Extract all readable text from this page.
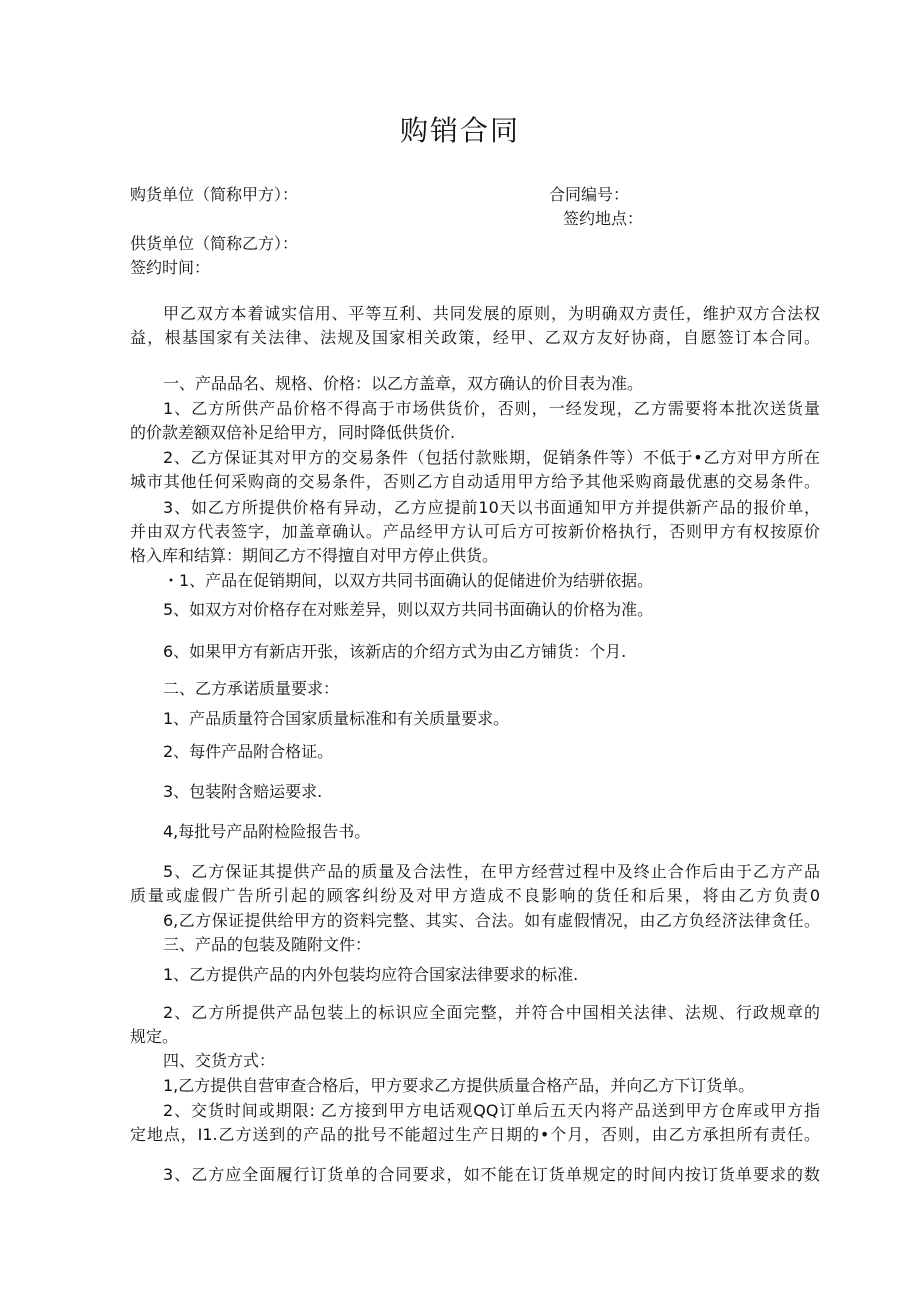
购销合同
购货单位（简称甲方）：	合同编号：
签约地点：
供货单位（简称乙方）：
签约时间：
甲乙双方本着诚实信用、平等互利、共同发展的原则，为明确双方责任，维护双方合法权
益，根基国家有关法律、法规及国家相关政策，经甲、乙双方友好协商，自愿签订本合同。
一、产品品名、规格、价格：以乙方盖章，双方确认的价目表为准。
1、乙方所供产品价格不得高于市场供货价，否则，一经发现，乙方需要将本批次送货量
的价款差额双倍补足给甲方，同时降低供货价.
2、乙方保证其对甲方的交易条件（包括付款账期，促销条件等）不低于•乙方对甲方所在
城市其他任何采购商的交易条件，否则乙方自动适用甲方给予其他采购商最优惠的交易条件。
3、如乙方所提供价格有异动，乙方应提前10天以书面通知甲方并提供新产品的报价单，
并由双方代表签字，加盖章确认。产品经甲方认可后方可按新价格执行，否则甲方有权按原价
格入库和结算：期间乙方不得擅自对甲方停止供货。
・1、产品在促销期间，以双方共同书面确认的促储进价为结骈依据。
5、如双方对价格存在对账差异，则以双方共同书面确认的价格为准。
6、如果甲方有新店开张，该新店的介绍方式为由乙方铺货：个月.
二、乙方承诺质量要求：
1、产品质量符合国家质量标准和有关质量要求。
2、每件产品附合格证。
3、包装附含赔运要求.
4,每批号产品附检险报告书。
5、乙方保证其提供产品的质量及合法性，在甲方经营过程中及终止合作后由于乙方产品
质量或虚假广告所引起的顾客纠纷及对甲方造成不良影响的货任和后果，将由乙方负责0
6,乙方保证提供给甲方的资料完整、其实、合法。如有虚假情况，由乙方负经济法律贪任。
三、产品的包装及随附文件：
1、乙方提供产品的内外包装均应符合国家法律要求的标准.
2、乙方所提供产品包装上的标识应全面完整，并符合中国相关法律、法规、行政规章的
规定。
四、交货方式：
1,乙方提供自营审查合格后，甲方要求乙方提供质量合格产品，并向乙方下订货单。
2、交货时间或期限: 乙方接到甲方电话观QQ订单后五天内将产品送到甲方仓库或甲方指
定地点，I1.乙方送到的产品的批号不能超过生产日期的•个月，否则，由乙方承担所有责任。
3、乙方应全面履行订货单的合同要求，如不能在订货单规定的时间内按订货单要求的数
